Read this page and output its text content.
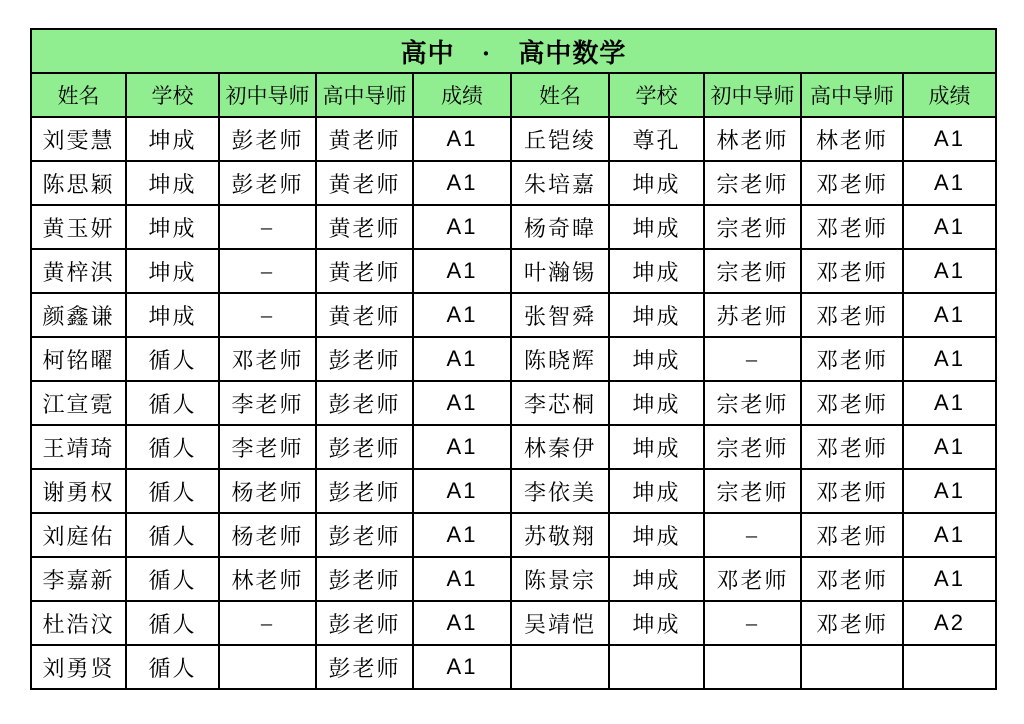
高中　·　高中数学									
姓名	学校	初中导师	高中导师	成绩	姓名	学校	初中导师	高中导师	成绩
刘雯慧	坤成	彭老师	黄老师	A1	丘铠绫	尊孔	林老师	林老师	A1
陈思颖	坤成	彭老师	黄老师	A1	朱培嘉	坤成	宗老师	邓老师	A1
黄玉妍	坤成	–	黄老师	A1	杨奇暐	坤成	宗老师	邓老师	A1
黄梓淇	坤成	–	黄老师	A1	叶瀚锡	坤成	宗老师	邓老师	A1
颜鑫谦	坤成	–	黄老师	A1	张智舜	坤成	苏老师	邓老师	A1
柯铭曜	循人	邓老师	彭老师	A1	陈晓辉	坤成	–	邓老师	A1
江宣霓	循人	李老师	彭老师	A1	李芯桐	坤成	宗老师	邓老师	A1
王靖琦	循人	李老师	彭老师	A1	林秦伊	坤成	宗老师	邓老师	A1
谢勇权	循人	杨老师	彭老师	A1	李依美	坤成	宗老师	邓老师	A1
刘庭佑	循人	杨老师	彭老师	A1	苏敬翔	坤成	–	邓老师	A1
李嘉新	循人	林老师	彭老师	A1	陈景宗	坤成	邓老师	邓老师	A1
杜浩汶	循人	–	彭老师	A1	吴靖恺	坤成	–	邓老师	A2
刘勇贤	循人		彭老师	A1					
